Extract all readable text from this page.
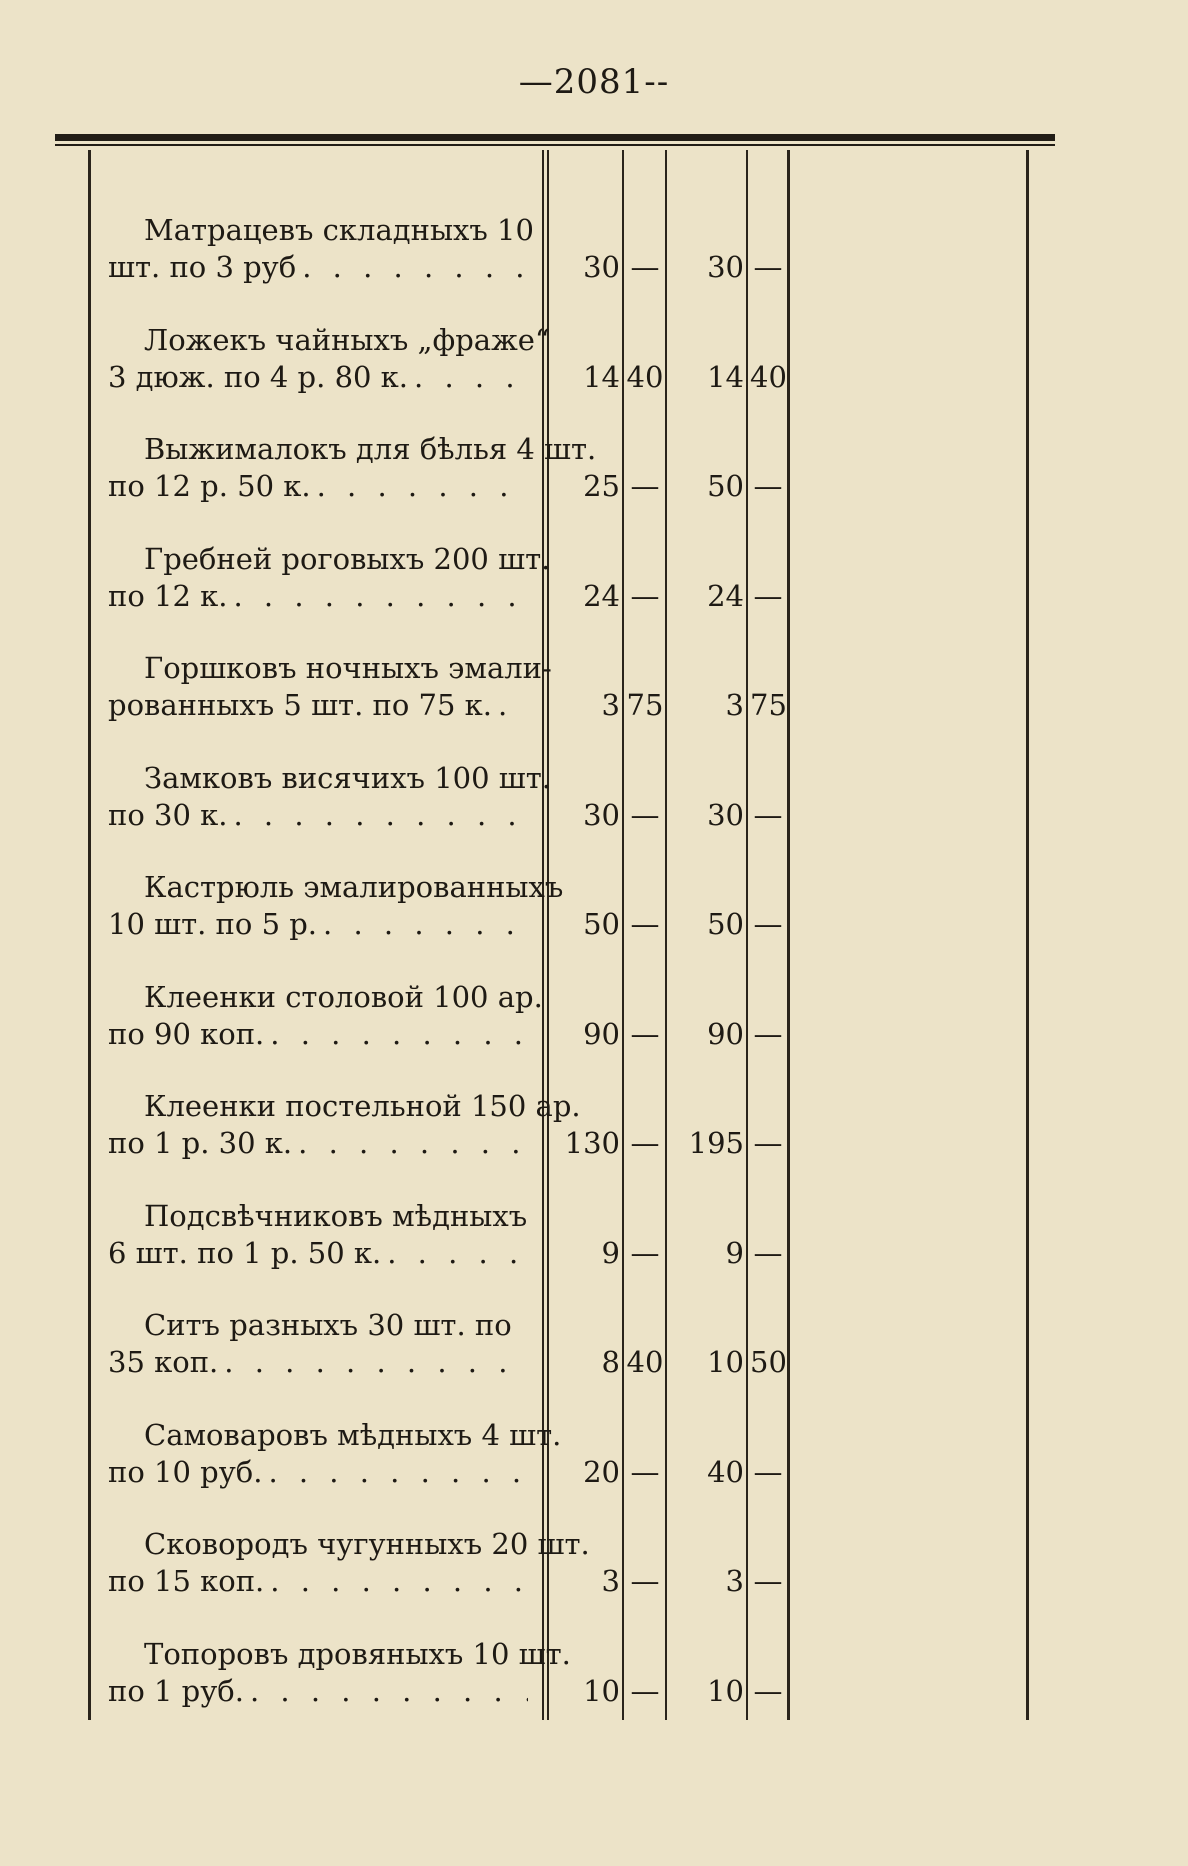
—2081--
Матрацевъ складныхъ 10
шт. по 3 руб . . .	30 —	30 —
Ложекъ чайныхъ „фраже“
3 дюж. по 4 р. 80 к. . . .	14 40	14 40
Выжималокъ для бѣлья 4 шт.
по 12 р. 50 к. . . .	25 —	50 —
Гребней роговыхъ 200 шт.
по 12 к. . . .	24 —	24 —
Горшковъ ночныхъ эмали-
рованныхъ 5 шт. по 75 к. . . .	3 75	3 75
Замковъ висячихъ 100 шт.
по 30 к. . . .	30 —	30 —
Кастрюль эмалированныхъ
10 шт. по 5 р. . . .	50 —	50 —
Клеенки столовой 100 ар.
по 90 коп. . . .	90 —	90 —
Клеенки постельной 150 ар.
по 1 р. 30 к. . . .	130 —	195 —
Подсвѣчниковъ мѣдныхъ
6 шт. по 1 р. 50 к. . . .	9 —	9 —
Ситъ разныхъ 30 шт. по
35 коп. . . .	8 40	10 50
Самоваровъ мѣдныхъ 4 шт.
по 10 руб. . . .	20 —	40 —
Сковородъ чугунныхъ 20 шт.
по 15 коп. . . .	3 —	3 —
Топоровъ дровяныхъ 10 шт.
по 1 руб. . . .	10 —	10 —
